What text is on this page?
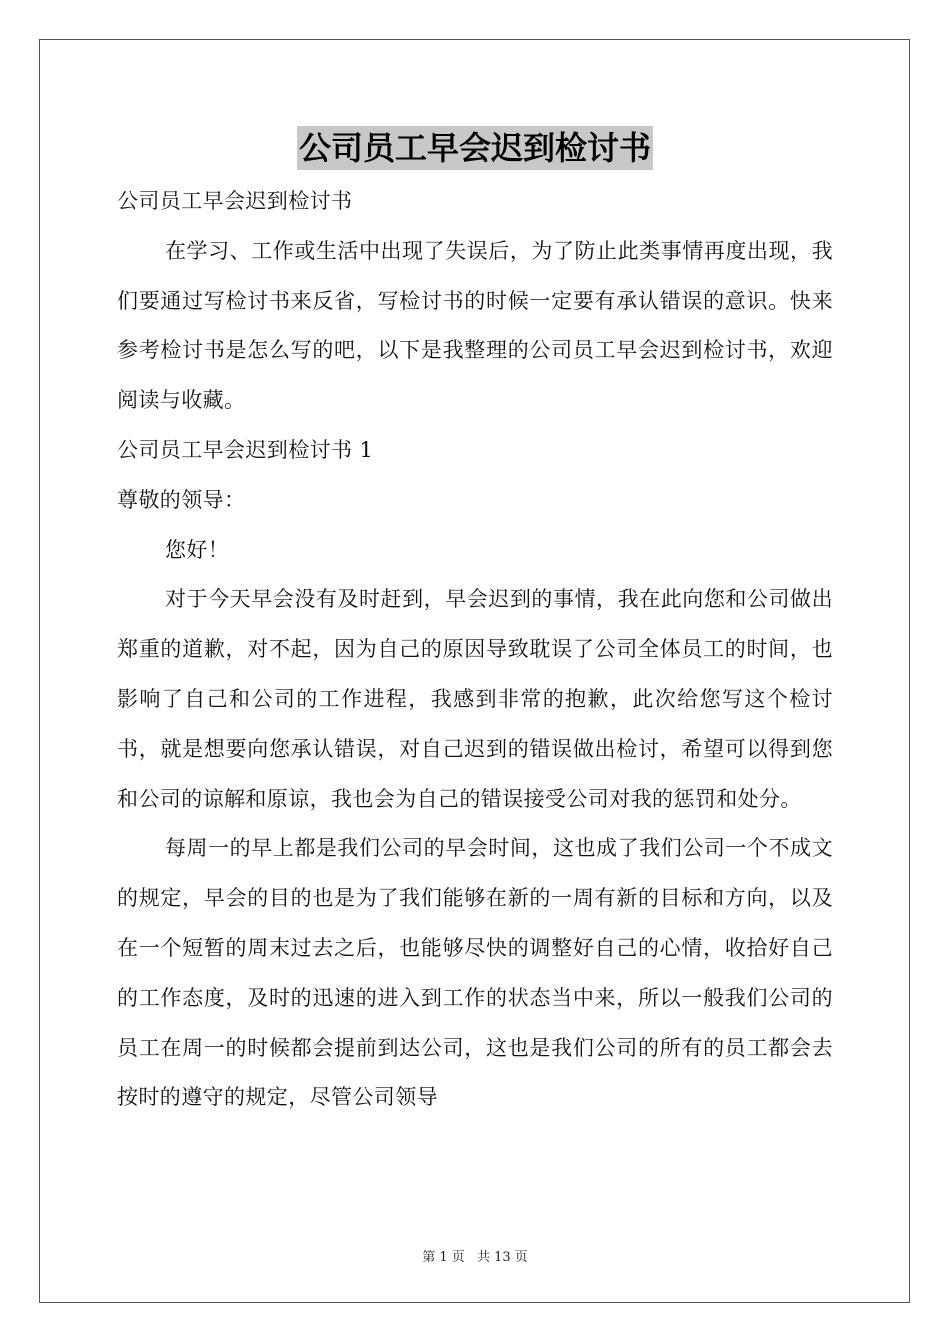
公司员工早会迟到检讨书

公司员工早会迟到检讨书

在学习、工作或生活中出现了失误后，为了防止此类事情再度出现，我们要通过写检讨书来反省，写检讨书的时候一定要有承认错误的意识。快来参考检讨书是怎么写的吧，以下是我整理的公司员工早会迟到检讨书，欢迎阅读与收藏。

公司员工早会迟到检讨书 1

尊敬的领导：

您好！

对于今天早会没有及时赶到，早会迟到的事情，我在此向您和公司做出郑重的道歉，对不起，因为自己的原因导致耽误了公司全体员工的时间，也影响了自己和公司的工作进程，我感到非常的抱歉，此次给您写这个检讨书，就是想要向您承认错误，对自己迟到的错误做出检讨，希望可以得到您和公司的谅解和原谅，我也会为自己的错误接受公司对我的惩罚和处分。

每周一的早上都是我们公司的早会时间，这也成了我们公司一个不成文的规定，早会的目的也是为了我们能够在新的一周有新的目标和方向，以及在一个短暂的周末过去之后，也能够尽快的调整好自己的心情，收拾好自己的工作态度，及时的迅速的进入到工作的状态当中来，所以一般我们公司的员工在周一的时候都会提前到达公司，这也是我们公司的所有的员工都会去按时的遵守的规定，尽管公司领导

第 1 页 共 13 页
